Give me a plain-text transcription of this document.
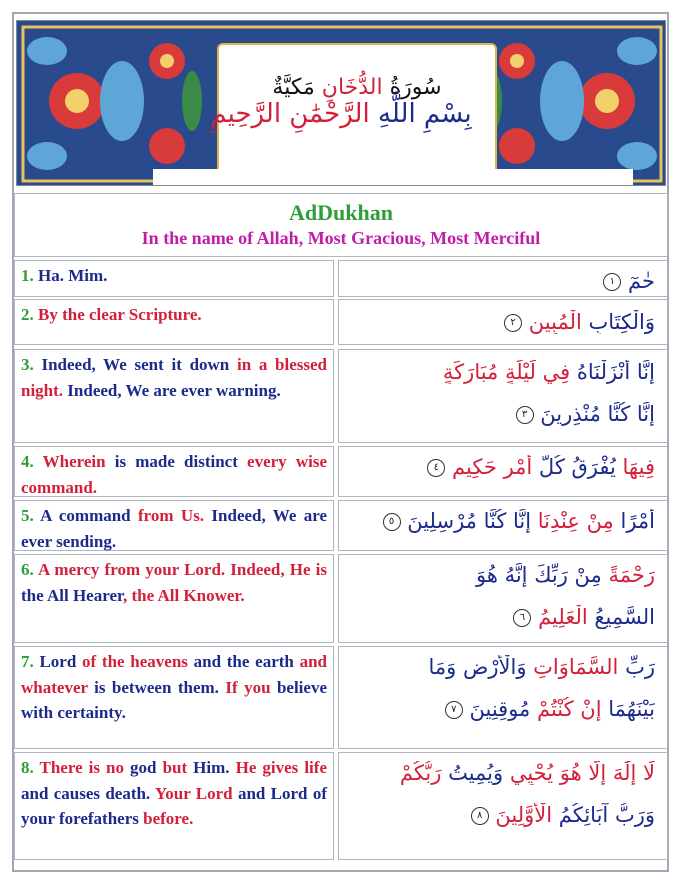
سُورَةُ الدُّخَانِ مَكيَّةٌ
بِسْمِ اللَّهِ الرَّحْمَٰنِ الرَّحِيمِ
AdDukhan
In the name of Allah, Most Gracious, Most Merciful
1. Ha. Mim.	حٰمٓ ١
2. By the clear Scripture.	وَالْكِتَابِ الْمُبِينِ ٢
3. Indeed, We sent it down in a blessed night. Indeed, We are ever warning.
إِنَّا أَنْزَلْنَاهُ فِي لَيْلَةٍ مُبَارَكَةٍ
إِنَّا كُنَّا مُنْذِرِينَ ٣
4. Wherein is made distinct every wise command.
فِيهَا يُفْرَقُ كُلُّ أَمْرٍ حَكِيمٍ ٤
5. A command from Us. Indeed, We are ever sending.
أَمْرًا مِنْ عِنْدِنَا إِنَّا كُنَّا مُرْسِلِينَ ٥
6. A mercy from your Lord. Indeed, He is the All Hearer, the All Knower.
رَحْمَةً مِنْ رَبِّكَ إِنَّهُ هُوَ
السَّمِيعُ الْعَلِيمُ ٦
7. Lord of the heavens and the earth and whatever is between them. If you believe with certainty.
رَبِّ السَّمَاوَاتِ وَالْأَرْضِ وَمَا
بَيْنَهُمَا إِنْ كُنْتُمْ مُوقِنِينَ ٧
8. There is no god but Him. He gives life and causes death. Your Lord and Lord of your forefathers before.
لَا إِلَٰهَ إِلَّا هُوَ يُحْيِي وَيُمِيتُ رَبُّكُمْ
وَرَبُّ آبَائِكُمُ الْأَوَّلِينَ ٨
